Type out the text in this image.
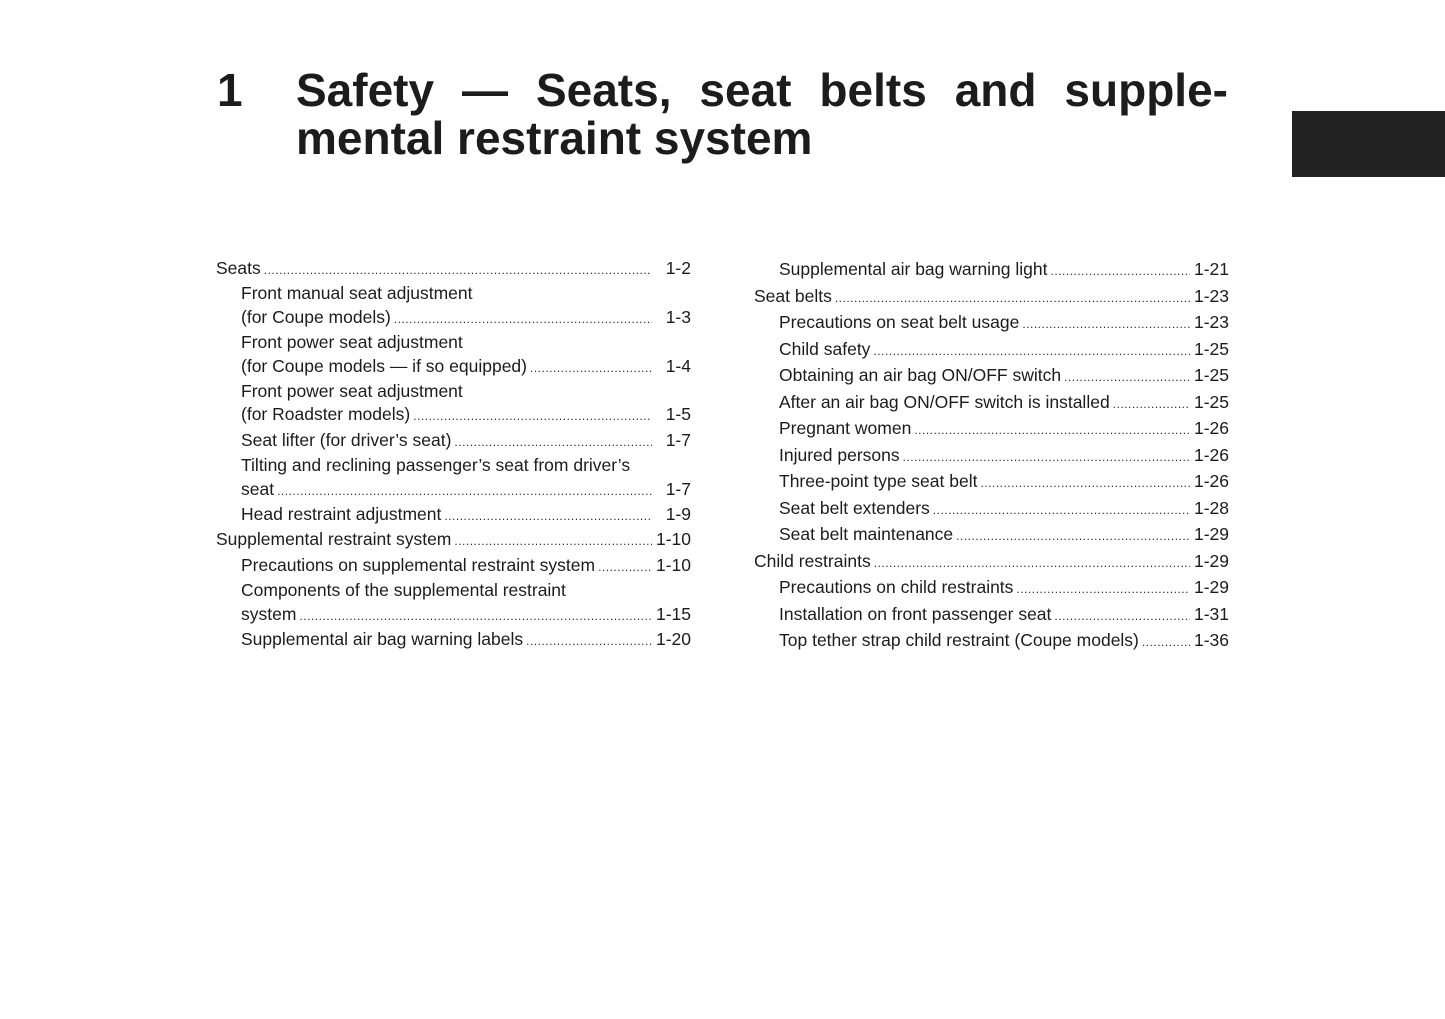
1 Safety — Seats, seat belts and supple-
mental restraint system
Seats .....	1-2
Front manual seat adjustment
(for Coupe models) .....	1-3
Front power seat adjustment
(for Coupe models — if so equipped) .....	1-4
Front power seat adjustment
(for Roadster models) .....	1-5
Seat lifter (for driver’s seat) .....	1-7
Tilting and reclining passenger’s seat from driver’s
seat .....	1-7
Head restraint adjustment .....	1-9
Supplemental restraint system .....	1-10
Precautions on supplemental restraint system .....	1-10
Components of the supplemental restraint
system .....	1-15
Supplemental air bag warning labels .....	1-20
Supplemental air bag warning light .....	1-21
Seat belts .....	1-23
Precautions on seat belt usage .....	1-23
Child safety .....	1-25
Obtaining an air bag ON/OFF switch .....	1-25
After an air bag ON/OFF switch is installed .....	1-25
Pregnant women .....	1-26
Injured persons .....	1-26
Three-point type seat belt .....	1-26
Seat belt extenders .....	1-28
Seat belt maintenance .....	1-29
Child restraints .....	1-29
Precautions on child restraints .....	1-29
Installation on front passenger seat .....	1-31
Top tether strap child restraint (Coupe models) .....	1-36
